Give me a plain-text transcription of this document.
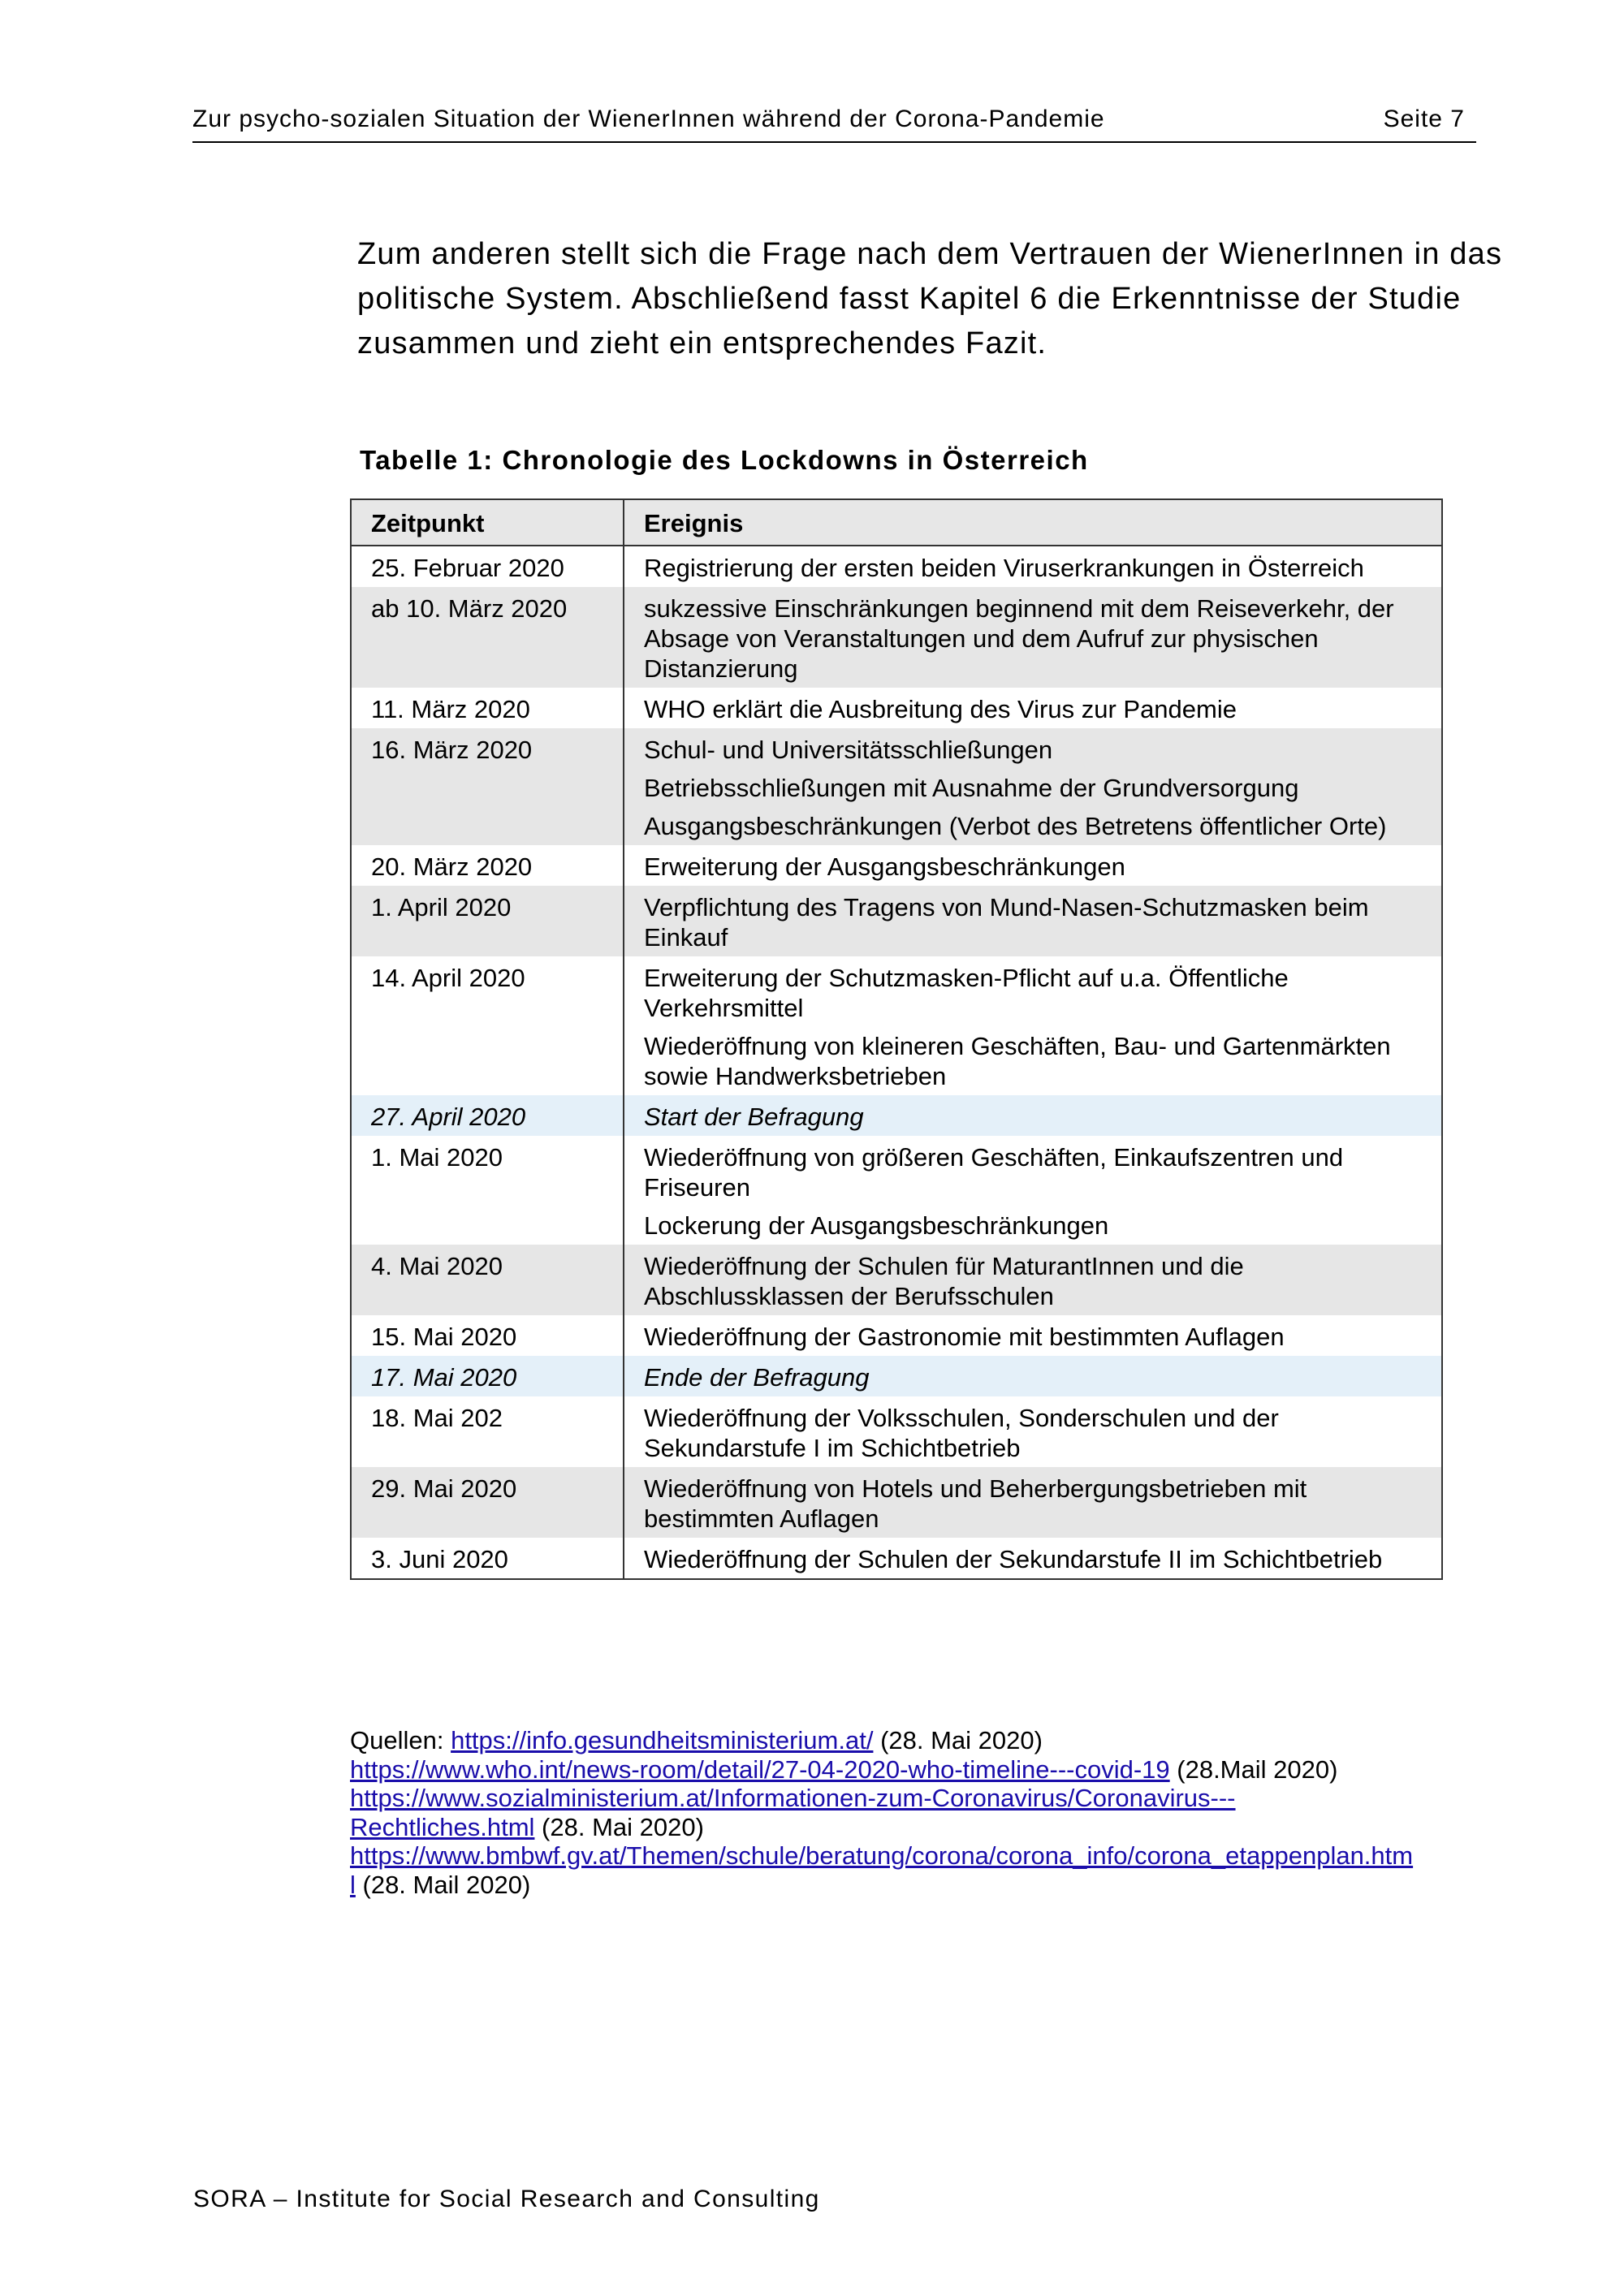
Zur psycho-sozialen Situation der WienerInnen während der Corona-Pandemie	Seite 7

Zum anderen stellt sich die Frage nach dem Vertrauen der WienerInnen in das
politische System. Abschließend fasst Kapitel 6 die Erkenntnisse der Studie
zusammen und zieht ein entsprechendes Fazit.

Tabelle 1: Chronologie des Lockdowns in Österreich

Zeitpunkt	Ereignis
25. Februar 2020	Registrierung der ersten beiden Viruserkrankungen in Österreich

ab 10. März 2020	sukzessive Einschränkungen beginnend mit dem Reiseverkehr, der Absage von Veranstaltungen und dem Aufruf zur physischen Distanzierung

11. März 2020	WHO erklärt die Ausbreitung des Virus zur Pandemie

16. März 2020	Schul- und Universitätsschließungen

Betriebsschließungen mit Ausnahme der Grundversorgung

Ausgangsbeschränkungen (Verbot des Betretens öffentlicher Orte)

20. März 2020	Erweiterung der Ausgangsbeschränkungen

1. April 2020	Verpflichtung des Tragens von Mund-Nasen-Schutzmasken beim Einkauf

14. April 2020	Erweiterung der Schutzmasken-Pflicht auf u.a. Öffentliche Verkehrsmittel

Wiederöffnung von kleineren Geschäften, Bau- und Gartenmärkten sowie Handwerksbetrieben

27. April 2020	Start der Befragung

1. Mai 2020	Wiederöffnung von größeren Geschäften, Einkaufszentren und Friseuren

Lockerung der Ausgangsbeschränkungen

4. Mai 2020	Wiederöffnung der Schulen für MaturantInnen und die Abschlussklassen der Berufsschulen

15. Mai 2020	Wiederöffnung der Gastronomie mit bestimmten Auflagen

17. Mai 2020	Ende der Befragung

18. Mai 202	Wiederöffnung der Volksschulen, Sonderschulen und der Sekundarstufe I im Schichtbetrieb

29. Mai 2020	Wiederöffnung von Hotels und Beherbergungsbetrieben mit bestimmten Auflagen

3. Juni 2020	Wiederöffnung der Schulen der Sekundarstufe II im Schichtbetrieb

Quellen: https://info.gesundheitsministerium.at/ (28. Mai 2020)
https://www.who.int/news-room/detail/27-04-2020-who-timeline---covid-19 (28.Mail 2020)
https://www.sozialministerium.at/Informationen-zum-Coronavirus/Coronavirus---
Rechtliches.html (28. Mai 2020)
https://www.bmbwf.gv.at/Themen/schule/beratung/corona/corona_info/corona_etappenplan.htm
l (28. Mail 2020)
SORA – Institute for Social Research and Consulting
